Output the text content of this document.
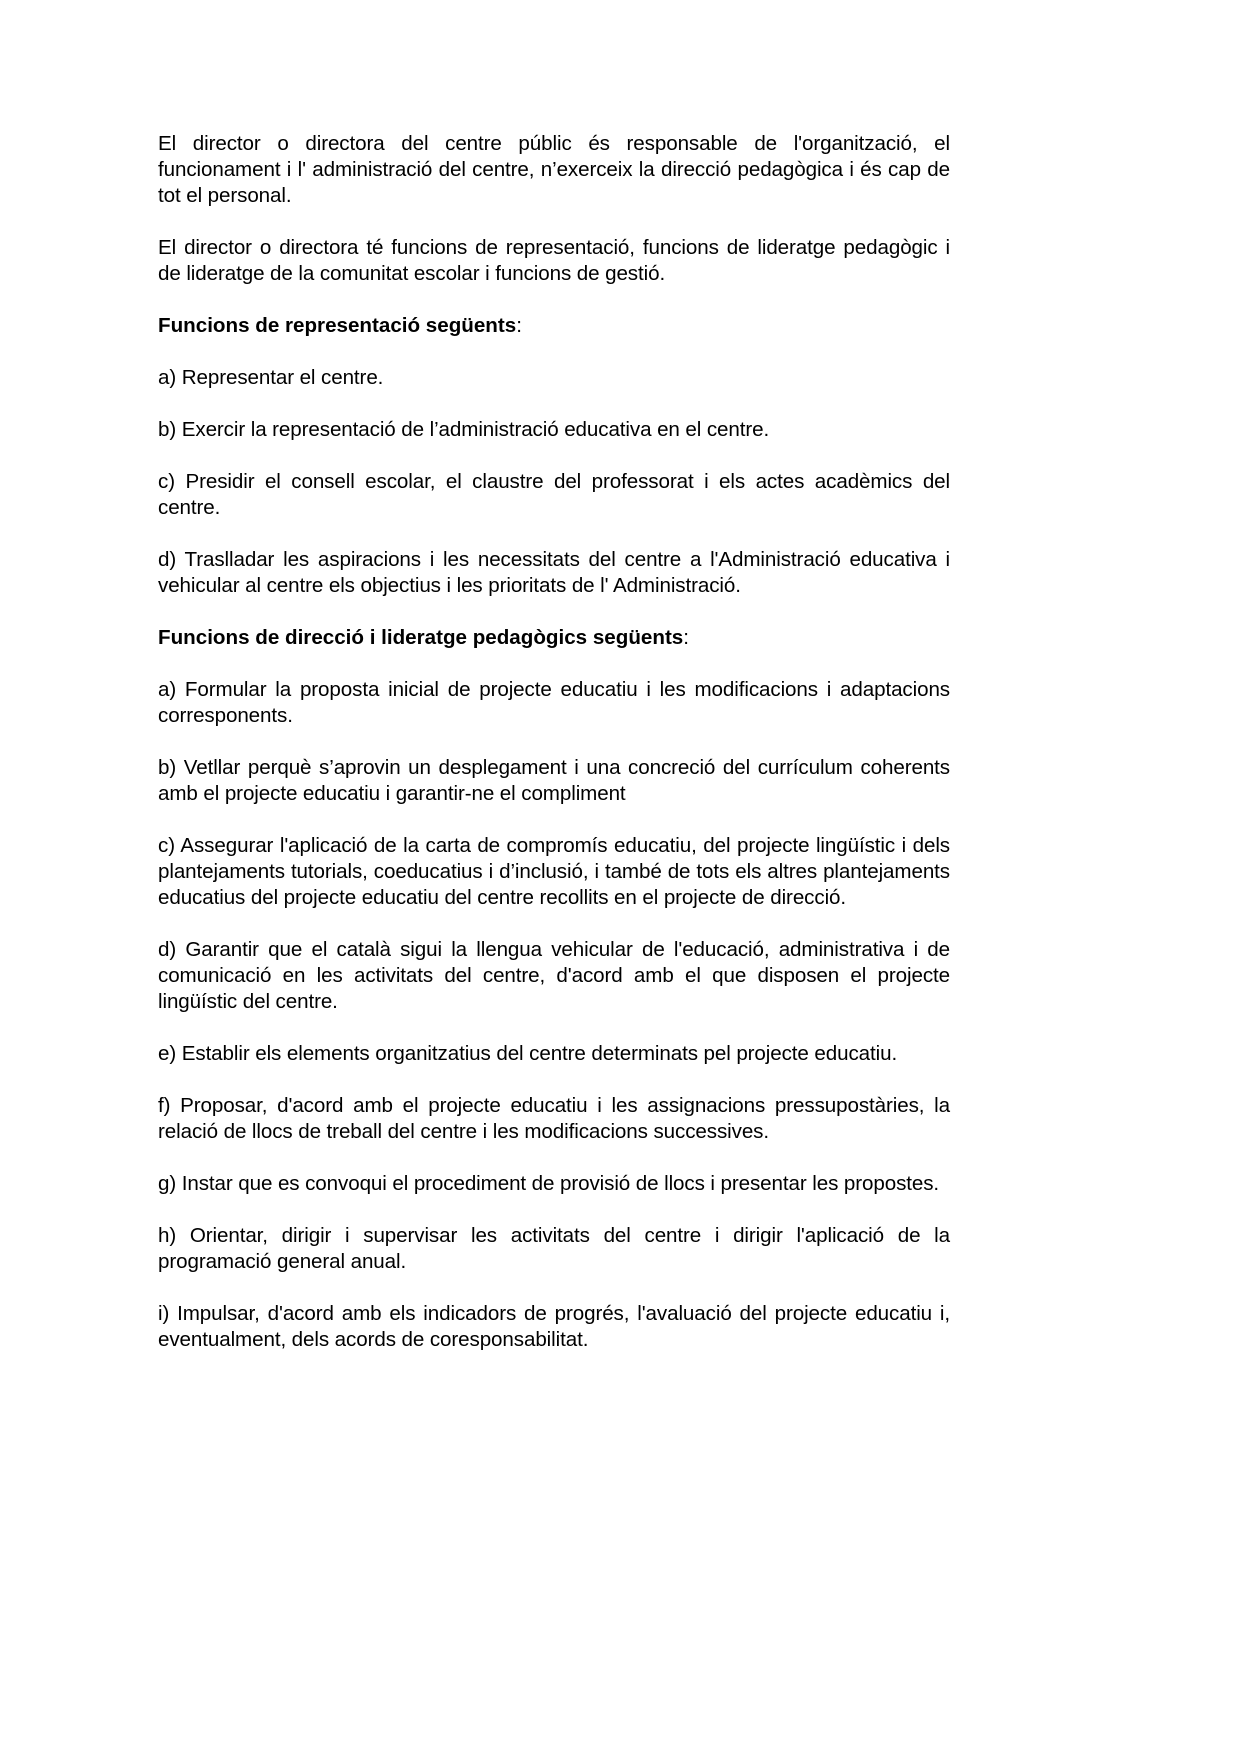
El director o directora del centre públic és responsable de l'organització, el funcionament i l' administració del centre, n’exerceix la direcció pedagògica i és cap de tot el personal.

El director o directora té funcions de representació, funcions de lideratge pedagògic i de lideratge de la comunitat escolar i funcions de gestió.

Funcions de representació següents:

a) Representar el centre.

b) Exercir la representació de l’administració educativa en el centre.

c) Presidir el consell escolar, el claustre del professorat i els actes acadèmics del centre.

d) Traslladar les aspiracions i les necessitats del centre a l'Administració educativa i vehicular al centre els objectius i les prioritats de l' Administració.

Funcions de direcció i lideratge pedagògics següents:

a) Formular la proposta inicial de projecte educatiu i les modificacions i adaptacions corresponents.

b) Vetllar perquè s’aprovin un desplegament i una concreció del currículum coherents amb el projecte educatiu i garantir-ne el compliment

c) Assegurar l'aplicació de la carta de compromís educatiu, del projecte lingüístic i dels plantejaments tutorials, coeducatius i d’inclusió, i també de tots els altres plantejaments educatius del projecte educatiu del centre recollits en el projecte de direcció.

d) Garantir que el català sigui la llengua vehicular de l'educació, administrativa i de comunicació en les activitats del centre, d'acord amb el que disposen el projecte lingüístic del centre.

e) Establir els elements organitzatius del centre determinats pel projecte educatiu.

f) Proposar, d'acord amb el projecte educatiu i les assignacions pressupostàries, la relació de llocs de treball del centre i les modificacions successives.

g) Instar que es convoqui el procediment de provisió de llocs i presentar les propostes.

h) Orientar, dirigir i supervisar les activitats del centre i dirigir l'aplicació de la programació general anual.

i) Impulsar, d'acord amb els indicadors de progrés, l'avaluació del projecte educatiu i, eventualment, dels acords de coresponsabilitat.
